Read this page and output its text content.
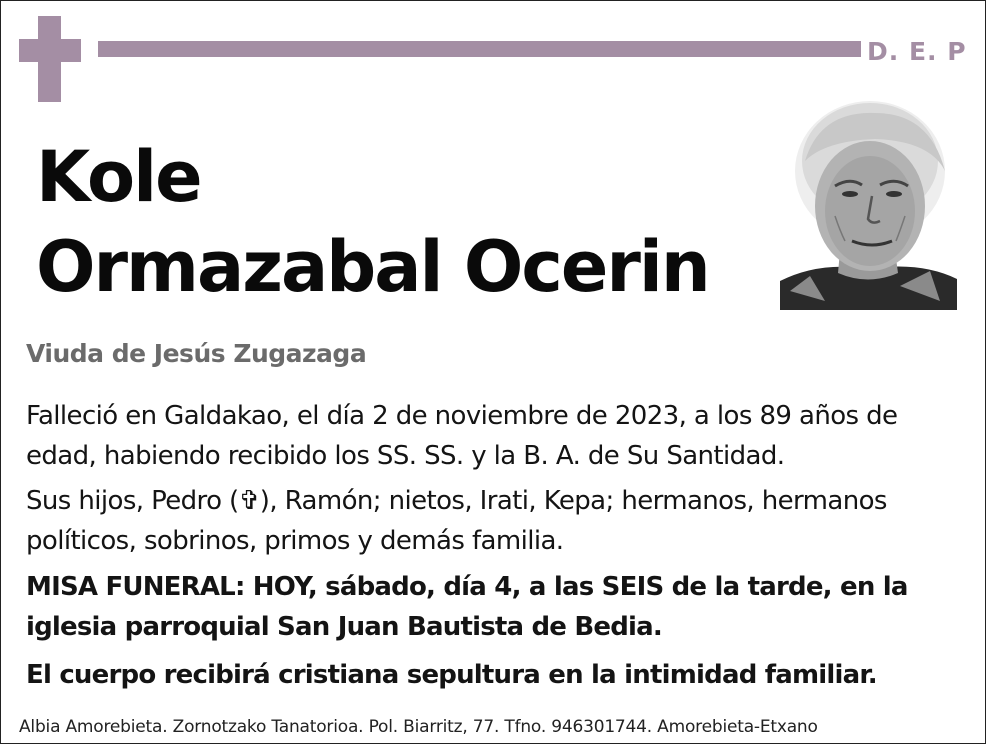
D. E. P
Kole
Ormazabal Ocerin
Viuda de Jesús Zugazaga

Falleció en Galdakao, el día 2 de noviembre de 2023, a los 89 años de edad, habiendo recibido los SS. SS. y la B. A. de Su Santidad.

Sus hijos, Pedro (✞), Ramón; nietos, Irati, Kepa; hermanos, hermanos políticos, sobrinos, primos y demás familia.

MISA FUNERAL: HOY, sábado, día 4, a las SEIS de la tarde, en la iglesia parroquial San Juan Bautista de Bedia.

El cuerpo recibirá cristiana sepultura en la intimidad familiar.

Albia Amorebieta. Zornotzako Tanatorioa. Pol. Biarritz, 77. Tfno. 946301744. Amorebieta-Etxano
